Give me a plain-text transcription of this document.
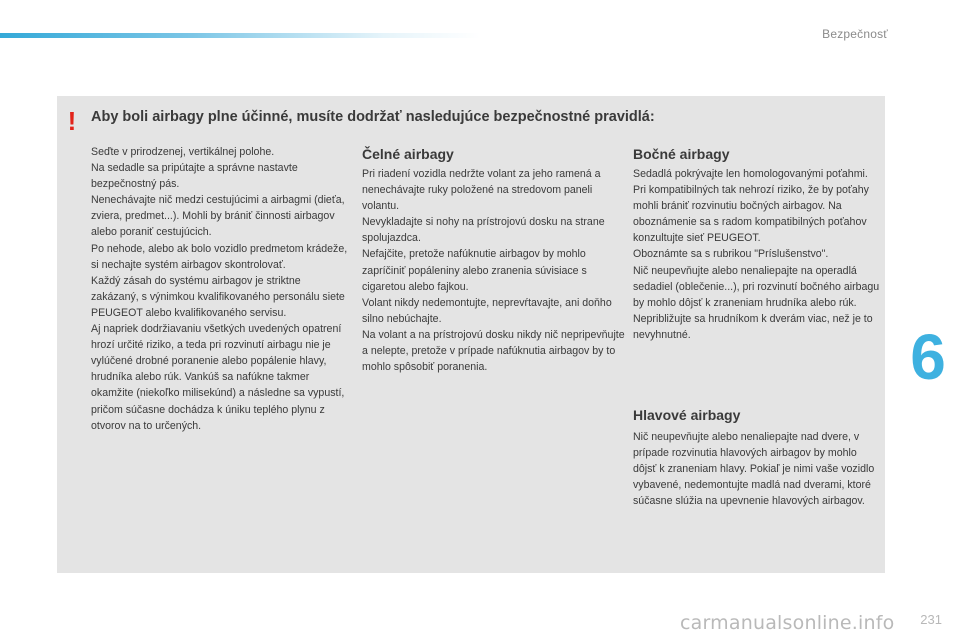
Bezpečnosť
! Aby boli airbagy plne účinné, musíte dodržať nasledujúce bezpečnostné pravidlá:
Seďte v prirodzenej, vertikálnej polohe.
Na sedadle sa pripútajte a správne nastavte bezpečnostný pás.
Nenechávajte nič medzi cestujúcimi a airbagmi (dieťa, zviera, predmet...). Mohli by brániť činnosti airbagov alebo poraniť cestujúcich.
Po nehode, alebo ak bolo vozidlo predmetom krádeže, si nechajte systém airbagov skontrolovať.
Každý zásah do systému airbagov je striktne zakázaný, s výnimkou kvalifikovaného personálu siete PEUGEOT alebo kvalifikovaného servisu.
Aj napriek dodržiavaniu všetkých uvedených opatrení hrozí určité riziko, a teda pri rozvinutí airbagu nie je vylúčené drobné poranenie alebo popálenie hlavy, hrudníka alebo rúk. Vankúš sa nafúkne takmer okamžite (niekoľko milisekúnd) a následne sa vypustí, pričom súčasne dochádza k úniku teplého plynu z otvorov na to určených.
Čelné airbagy
Pri riadení vozidla nedržte volant za jeho ramená a nenechávajte ruky položené na stredovom paneli volantu.
Nevykladajte si nohy na prístrojovú dosku na strane spolujazdca.
Nefajčite, pretože nafúknutie airbagov by mohlo zapríčiniť popáleniny alebo zranenia súvisiace s cigaretou alebo fajkou.
Volant nikdy nedemontujte, neprevŕtavajte, ani doňho silno nebúchajte.
Na volant a na prístrojovú dosku nikdy nič nepripevňujte a nelepte, pretože v prípade nafúknutia airbagov by to mohlo spôsobiť poranenia.
Bočné airbagy
Sedadlá pokrývajte len homologovanými poťahmi. Pri kompatibilných tak nehrozí riziko, že by poťahy mohli brániť rozvinutiu bočných airbagov. Na oboznámenie sa s radom kompatibilných poťahov konzultujte sieť PEUGEOT.
Oboznámte sa s rubrikou "Príslušenstvo".
Nič neupevňujte alebo nenaliepajte na operadlá sedadiel (oblečenie...), pri rozvinutí bočného airbagu by mohlo dôjsť k zraneniam hrudníka alebo rúk.
Nepribližujte sa hrudníkom k dverám viac, než je to nevyhnutné.
Hlavové airbagy
Nič neupevňujte alebo nenaliepajte nad dvere, v prípade rozvinutia hlavových airbagov by mohlo dôjsť k zraneniam hlavy. Pokiaľ je nimi vaše vozidlo vybavené, nedemontujte madlá nad dverami, ktoré súčasne slúžia na upevnenie hlavových airbagov.
6
carmanualsonline.info 231
